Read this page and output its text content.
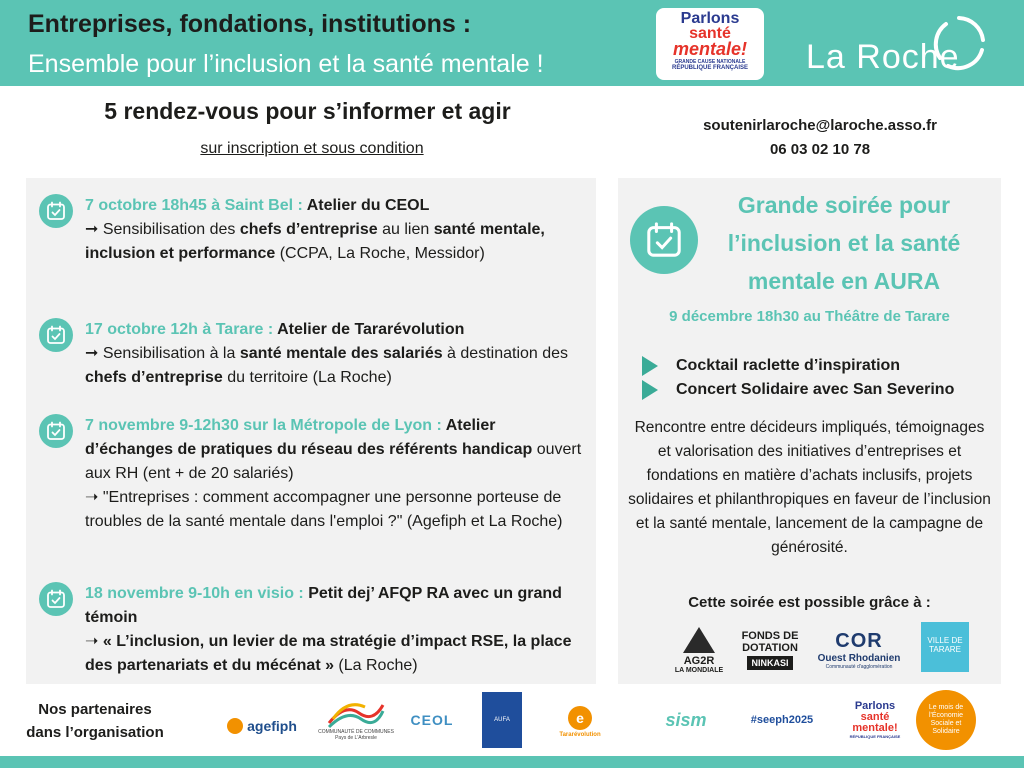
Entreprises, fondations, institutions :
Ensemble pour l’inclusion et la santé mentale !
Parlons
santé
mentale!
GRANDE CAUSE NATIONALE
RÉPUBLIQUE FRANÇAISE	La Roche
5 rendez-vous pour s’informer et agir
sur inscription et sous condition
soutenirlaroche@laroche.asso.fr
06 03 02 10 78
7 octobre 18h45 à Saint Bel : Atelier du CEOL
➞ Sensibilisation des chefs d’entreprise au lien santé mentale, inclusion et performance (CCPA, La Roche, Messidor)
17 octobre 12h à Tarare : Atelier de Tararévolution
➞ Sensibilisation à la santé mentale des salariés à destination des chefs d’entreprise du territoire (La Roche)
7 novembre 9-12h30 sur la Métropole de Lyon : Atelier d’échanges de pratiques du réseau des référents handicap ouvert aux RH (ent + de 20 salariés)
➝ "Entreprises : comment accompagner une personne porteuse de troubles de la santé mentale dans l'emploi ?" (Agefiph et La Roche)
18 novembre 9-10h en visio : Petit dej’ AFQP RA avec un grand témoin
➝ « L’inclusion, un levier de ma stratégie d’impact RSE, la place des partenariats et du mécénat » (La Roche)
Grande soirée pour l’inclusion et la santé mentale en AURA
9 décembre 18h30 au Théâtre de Tarare
Cocktail raclette d’inspiration
Concert Solidaire avec San Severino
Rencontre entre décideurs impliqués, témoignages et valorisation des initiatives d’entreprises et fondations en matière d’achats inclusifs, projets solidaires et philanthropiques en faveur de l’inclusion et la santé mentale, lancement de la campagne de générosité.
Cette soirée est possible grâce à :
AG2R
LA MONDIALE
FONDS DE
DOTATION
NINKASI
COR
Ouest Rhodanien
Communauté d'agglomération
VILLE DE
TARARE
Nos partenaires dans l’organisation	agefiph	COMMUNAUTÉ DE COMMUNES Pays de L'Arbresle
CEOL	AUFA	e
Tararévolution
sism	#seeph2025
Parlons
santé mentale!
RÉPUBLIQUE FRANÇAISE
Le mois de l'Économie Sociale et Solidaire
